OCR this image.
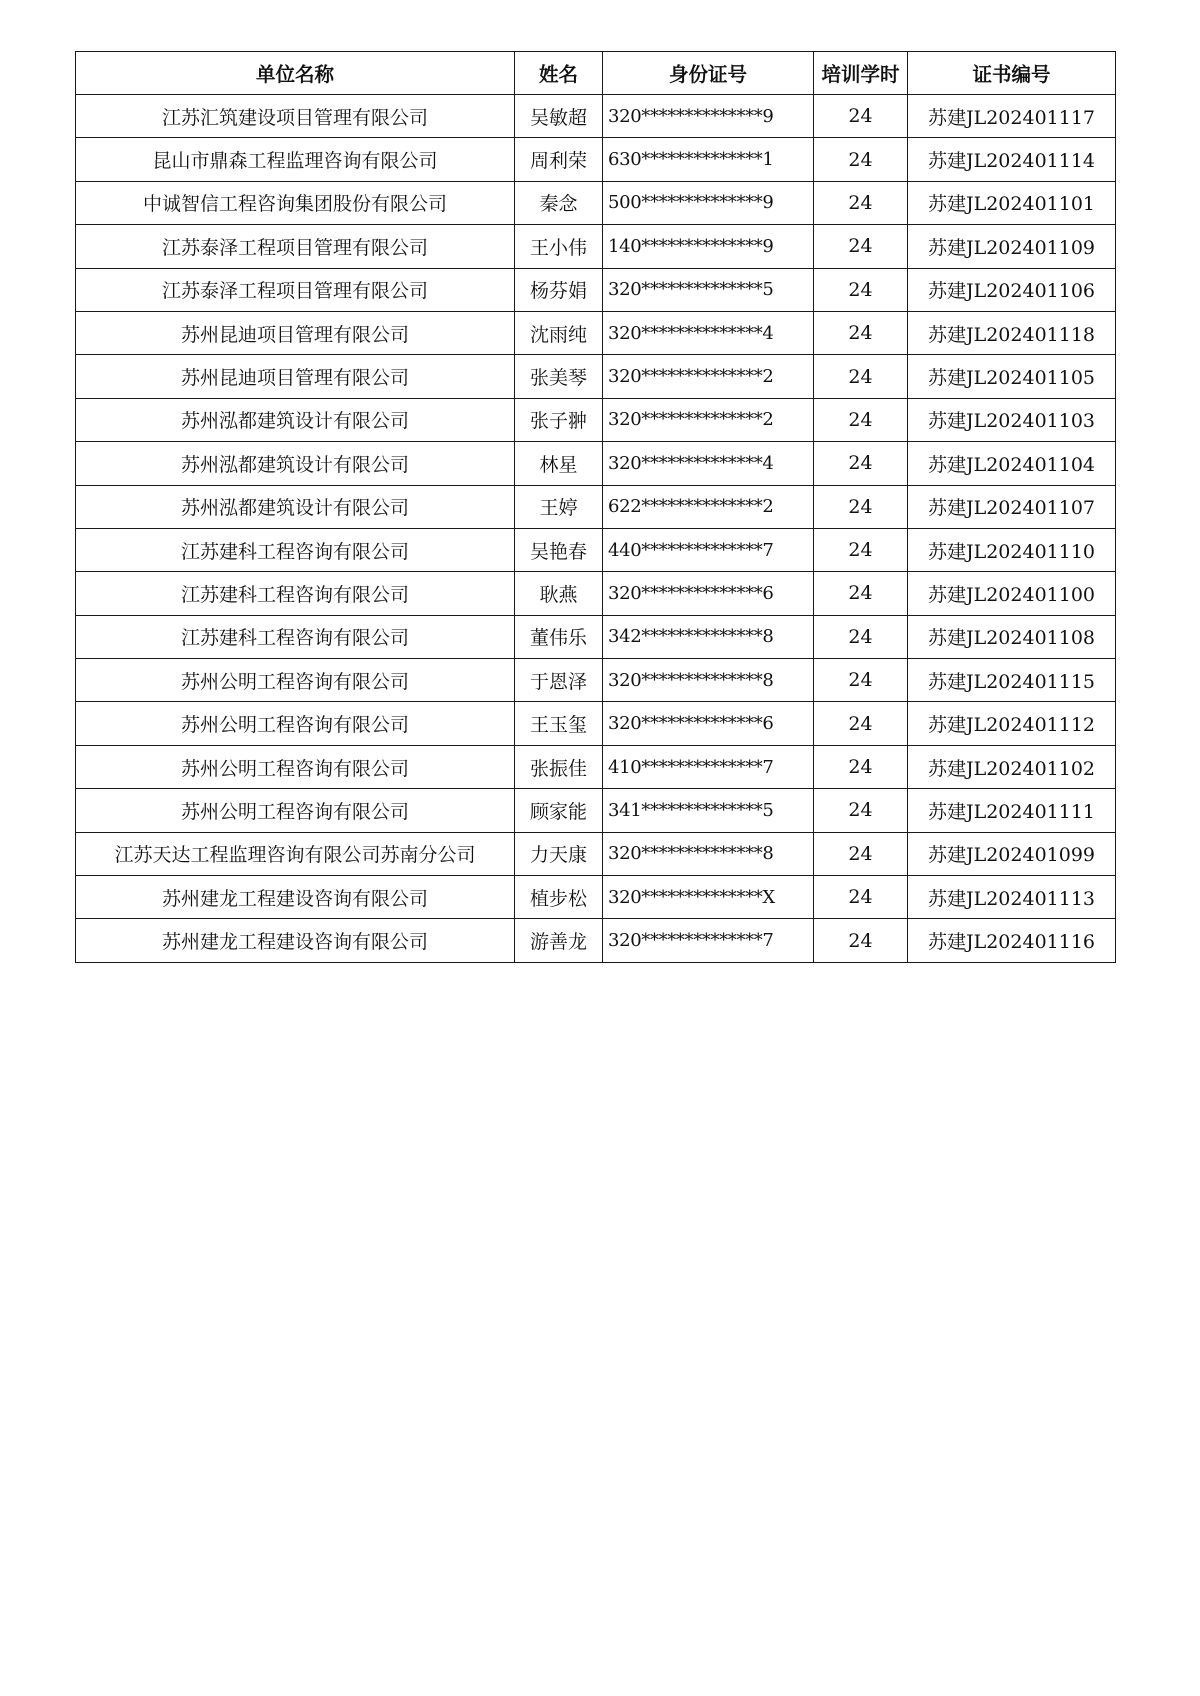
单位名称	姓名	身份证号	培训学时	证书编号
江苏汇筑建设项目管理有限公司	吴敏超	320**************9	24	苏建JL202401117
昆山市鼎森工程监理咨询有限公司	周利荣	630**************1	24	苏建JL202401114
中诚智信工程咨询集团股份有限公司	秦念	500**************9	24	苏建JL202401101
江苏泰泽工程项目管理有限公司	王小伟	140**************9	24	苏建JL202401109
江苏泰泽工程项目管理有限公司	杨芬娟	320**************5	24	苏建JL202401106
苏州昆迪项目管理有限公司	沈雨纯	320**************4	24	苏建JL202401118
苏州昆迪项目管理有限公司	张美琴	320**************2	24	苏建JL202401105
苏州泓都建筑设计有限公司	张子翀	320**************2	24	苏建JL202401103
苏州泓都建筑设计有限公司	林星	320**************4	24	苏建JL202401104
苏州泓都建筑设计有限公司	王婷	622**************2	24	苏建JL202401107
江苏建科工程咨询有限公司	吴艳春	440**************7	24	苏建JL202401110
江苏建科工程咨询有限公司	耿燕	320**************6	24	苏建JL202401100
江苏建科工程咨询有限公司	董伟乐	342**************8	24	苏建JL202401108
苏州公明工程咨询有限公司	于恩泽	320**************8	24	苏建JL202401115
苏州公明工程咨询有限公司	王玉玺	320**************6	24	苏建JL202401112
苏州公明工程咨询有限公司	张振佳	410**************7	24	苏建JL202401102
苏州公明工程咨询有限公司	顾家能	341**************5	24	苏建JL202401111
江苏天达工程监理咨询有限公司苏南分公司	力天康	320**************8	24	苏建JL202401099
苏州建龙工程建设咨询有限公司	植步松	320**************X	24	苏建JL202401113
苏州建龙工程建设咨询有限公司	游善龙	320**************7	24	苏建JL202401116
